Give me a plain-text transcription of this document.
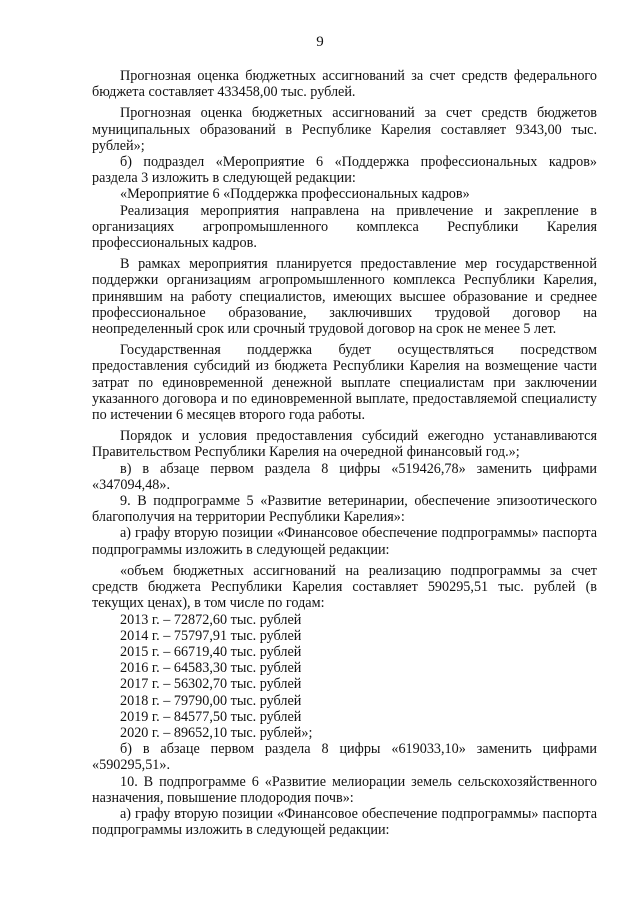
9

Прогнозная оценка бюджетных ассигнований за счет средств федерального бюджета составляет 433458,00 тыс. рублей.

Прогнозная оценка бюджетных ассигнований за счет средств бюджетов муниципальных образований в Республике Карелия составляет 9343,00 тыс. рублей»;

б) подраздел «Мероприятие 6 «Поддержка профессиональных кадров» раздела 3 изложить в следующей редакции:

«Мероприятие 6 «Поддержка профессиональных кадров»

Реализация мероприятия направлена на привлечение и закрепление в организациях агропромышленного комплекса Республики Карелия профессиональных кадров.

В рамках мероприятия планируется предоставление мер государственной поддержки организациям агропромышленного комплекса Республики Карелия, принявшим на работу специалистов, имеющих высшее образование и среднее профессиональное образование, заключивших трудовой договор на неопределенный срок или срочный трудовой договор на срок не менее 5 лет.

Государственная поддержка будет осуществляться посредством предоставления субсидий из бюджета Республики Карелия на возмещение части затрат по единовременной денежной выплате специалистам при заключении указанного договора и по единовременной выплате, предоставляемой специалисту по истечении 6 месяцев второго года работы.

Порядок и условия предоставления субсидий ежегодно устанавливаются Правительством Республики Карелия на очередной финансовый год.»;

в) в абзаце первом раздела 8 цифры «519426,78» заменить цифрами «347094,48».

9. В подпрограмме 5 «Развитие ветеринарии, обеспечение эпизоотического благополучия на территории Республики Карелия»:

а) графу вторую позиции «Финансовое обеспечение подпрограммы» паспорта подпрограммы изложить в следующей редакции:

«объем бюджетных ассигнований на реализацию подпрограммы за счет средств бюджета Республики Карелия составляет 590295,51 тыс. рублей (в текущих ценах), в том числе по годам:

2013 г. – 72872,60 тыс. рублей
2014 г. – 75797,91 тыс. рублей
2015 г. – 66719,40 тыс. рублей
2016 г. – 64583,30 тыс. рублей
2017 г. – 56302,70 тыс. рублей
2018 г. – 79790,00 тыс. рублей
2019 г. – 84577,50 тыс. рублей
2020 г. – 89652,10 тыс. рублей»;

б) в абзаце первом раздела 8 цифры «619033,10» заменить цифрами «590295,51».

10. В подпрограмме 6 «Развитие мелиорации земель сельскохозяйственного назначения, повышение плодородия почв»:

а) графу вторую позиции «Финансовое обеспечение подпрограммы» паспорта подпрограммы изложить в следующей редакции:
